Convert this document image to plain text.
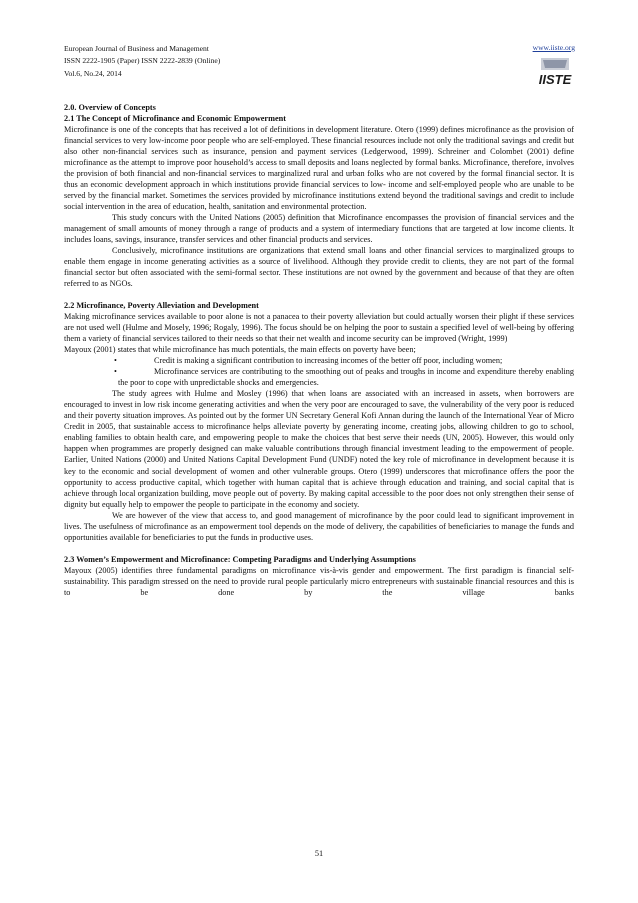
European Journal of Business and Management
ISSN 2222-1905 (Paper) ISSN 2222-2839 (Online)
Vol.6, No.24, 2014
www.iiste.org
IISTE
2.0. Overview of Concepts
2.1 The Concept of Microfinance and Economic Empowerment

Microfinance is one of the concepts that has received a lot of definitions in development literature. Otero (1999) defines microfinance as the provision of financial services to very low-income poor people who are self-employed. These financial resources include not only the traditional savings and credit but also other non-financial services such as insurance, pension and payment services (Ledgerwood, 1999). Schreiner and Colombet (2001) define microfinance as the attempt to improve poor household’s access to small deposits and loans neglected by formal banks. Microfinance, therefore, involves the provision of both financial and non-financial services to marginalized rural and urban folks who are not covered by the formal financial sector. It is thus an economic development approach in which institutions provide financial services to low- income and self-employed people who are unable to be served by the financial market. Sometimes the services provided by microfinance institutions extend beyond the traditional savings and credit to include social intervention in the area of education, health, sanitation and environmental protection.

This study concurs with the United Nations (2005) definition that Microfinance encompasses the provision of financial services and the management of small amounts of money through a range of products and a system of intermediary functions that are targeted at low income clients. It includes loans, savings, insurance, transfer services and other financial products and services.

Conclusively, microfinance institutions are organizations that extend small loans and other financial services to marginalized groups to enable them engage in income generating activities as a source of livelihood. Although they provide credit to clients, they are not part of the formal financial sector but often associated with the semi-formal sector. These institutions are not owned by the government and because of that they are often referred to as NGOs.

2.2 Microfinance, Poverty Alleviation and Development

Making microfinance services available to poor alone is not a panacea to their poverty alleviation but could actually worsen their plight if these services are not used well (Hulme and Mosely, 1996; Rogaly, 1996). The focus should be on helping the poor to sustain a specified level of well-being by offering them a variety of financial services tailored to their needs so that their net wealth and income security can be improved (Wright, 1999)

Mayoux (2001) states that while microfinance has much potentials, the main effects on poverty have been;

•	Credit is making a significant contribution to increasing incomes of the better off poor, including women;

•	Microfinance services are contributing to the smoothing out of peaks and troughs in income and expenditure thereby enabling the poor to cope with unpredictable shocks and emergencies.

The study agrees with Hulme and Mosley (1996) that when loans are associated with an increased in assets, when borrowers are encouraged to invest in low risk income generating activities and when the very poor are encouraged to save, the vulnerability of the very poor is reduced and their poverty situation improves. As pointed out by the former UN Secretary General Kofi Annan during the launch of the International Year of Micro Credit in 2005, that sustainable access to microfinance helps alleviate poverty by generating income, creating jobs, allowing children to go to school, enabling families to obtain health care, and empowering people to make the choices that best serve their needs (UN, 2005). However, this would only happen when programmes are properly designed can make valuable contributions through financial investment leading to the empowerment of people. Earlier, United Nations (2000) and United Nations Capital Development Fund (UNDF) noted the key role of microfinance in development because it is key to the economic and social development of women and other vulnerable groups. Otero (1999) underscores that microfinance offers the poor the opportunity to access productive capital, which together with human capital that is achieve through education and training, and social capital that is achieve through local organization building, move people out of poverty. By making capital accessible to the poor does not only strengthen their sense of dignity but equally help to empower the people to participate in the economy and society.

We are however of the view that access to, and good management of microfinance by the poor could lead to significant improvement in lives. The usefulness of microfinance as an empowerment tool depends on the mode of delivery, the capabilities of beneficiaries to manage the funds and opportunities available for beneficiaries to put the funds in productive uses.

2.3 Women’s Empowerment and Microfinance: Competing Paradigms and Underlying Assumptions

Mayoux (2005) identifies three fundamental paradigms on microfinance vis-à-vis gender and empowerment. The first paradigm is financial self-sustainability. This paradigm stressed on the need to provide rural people particularly micro entrepreneurs with sustainable financial resources and this is to be done by the village banks

51
